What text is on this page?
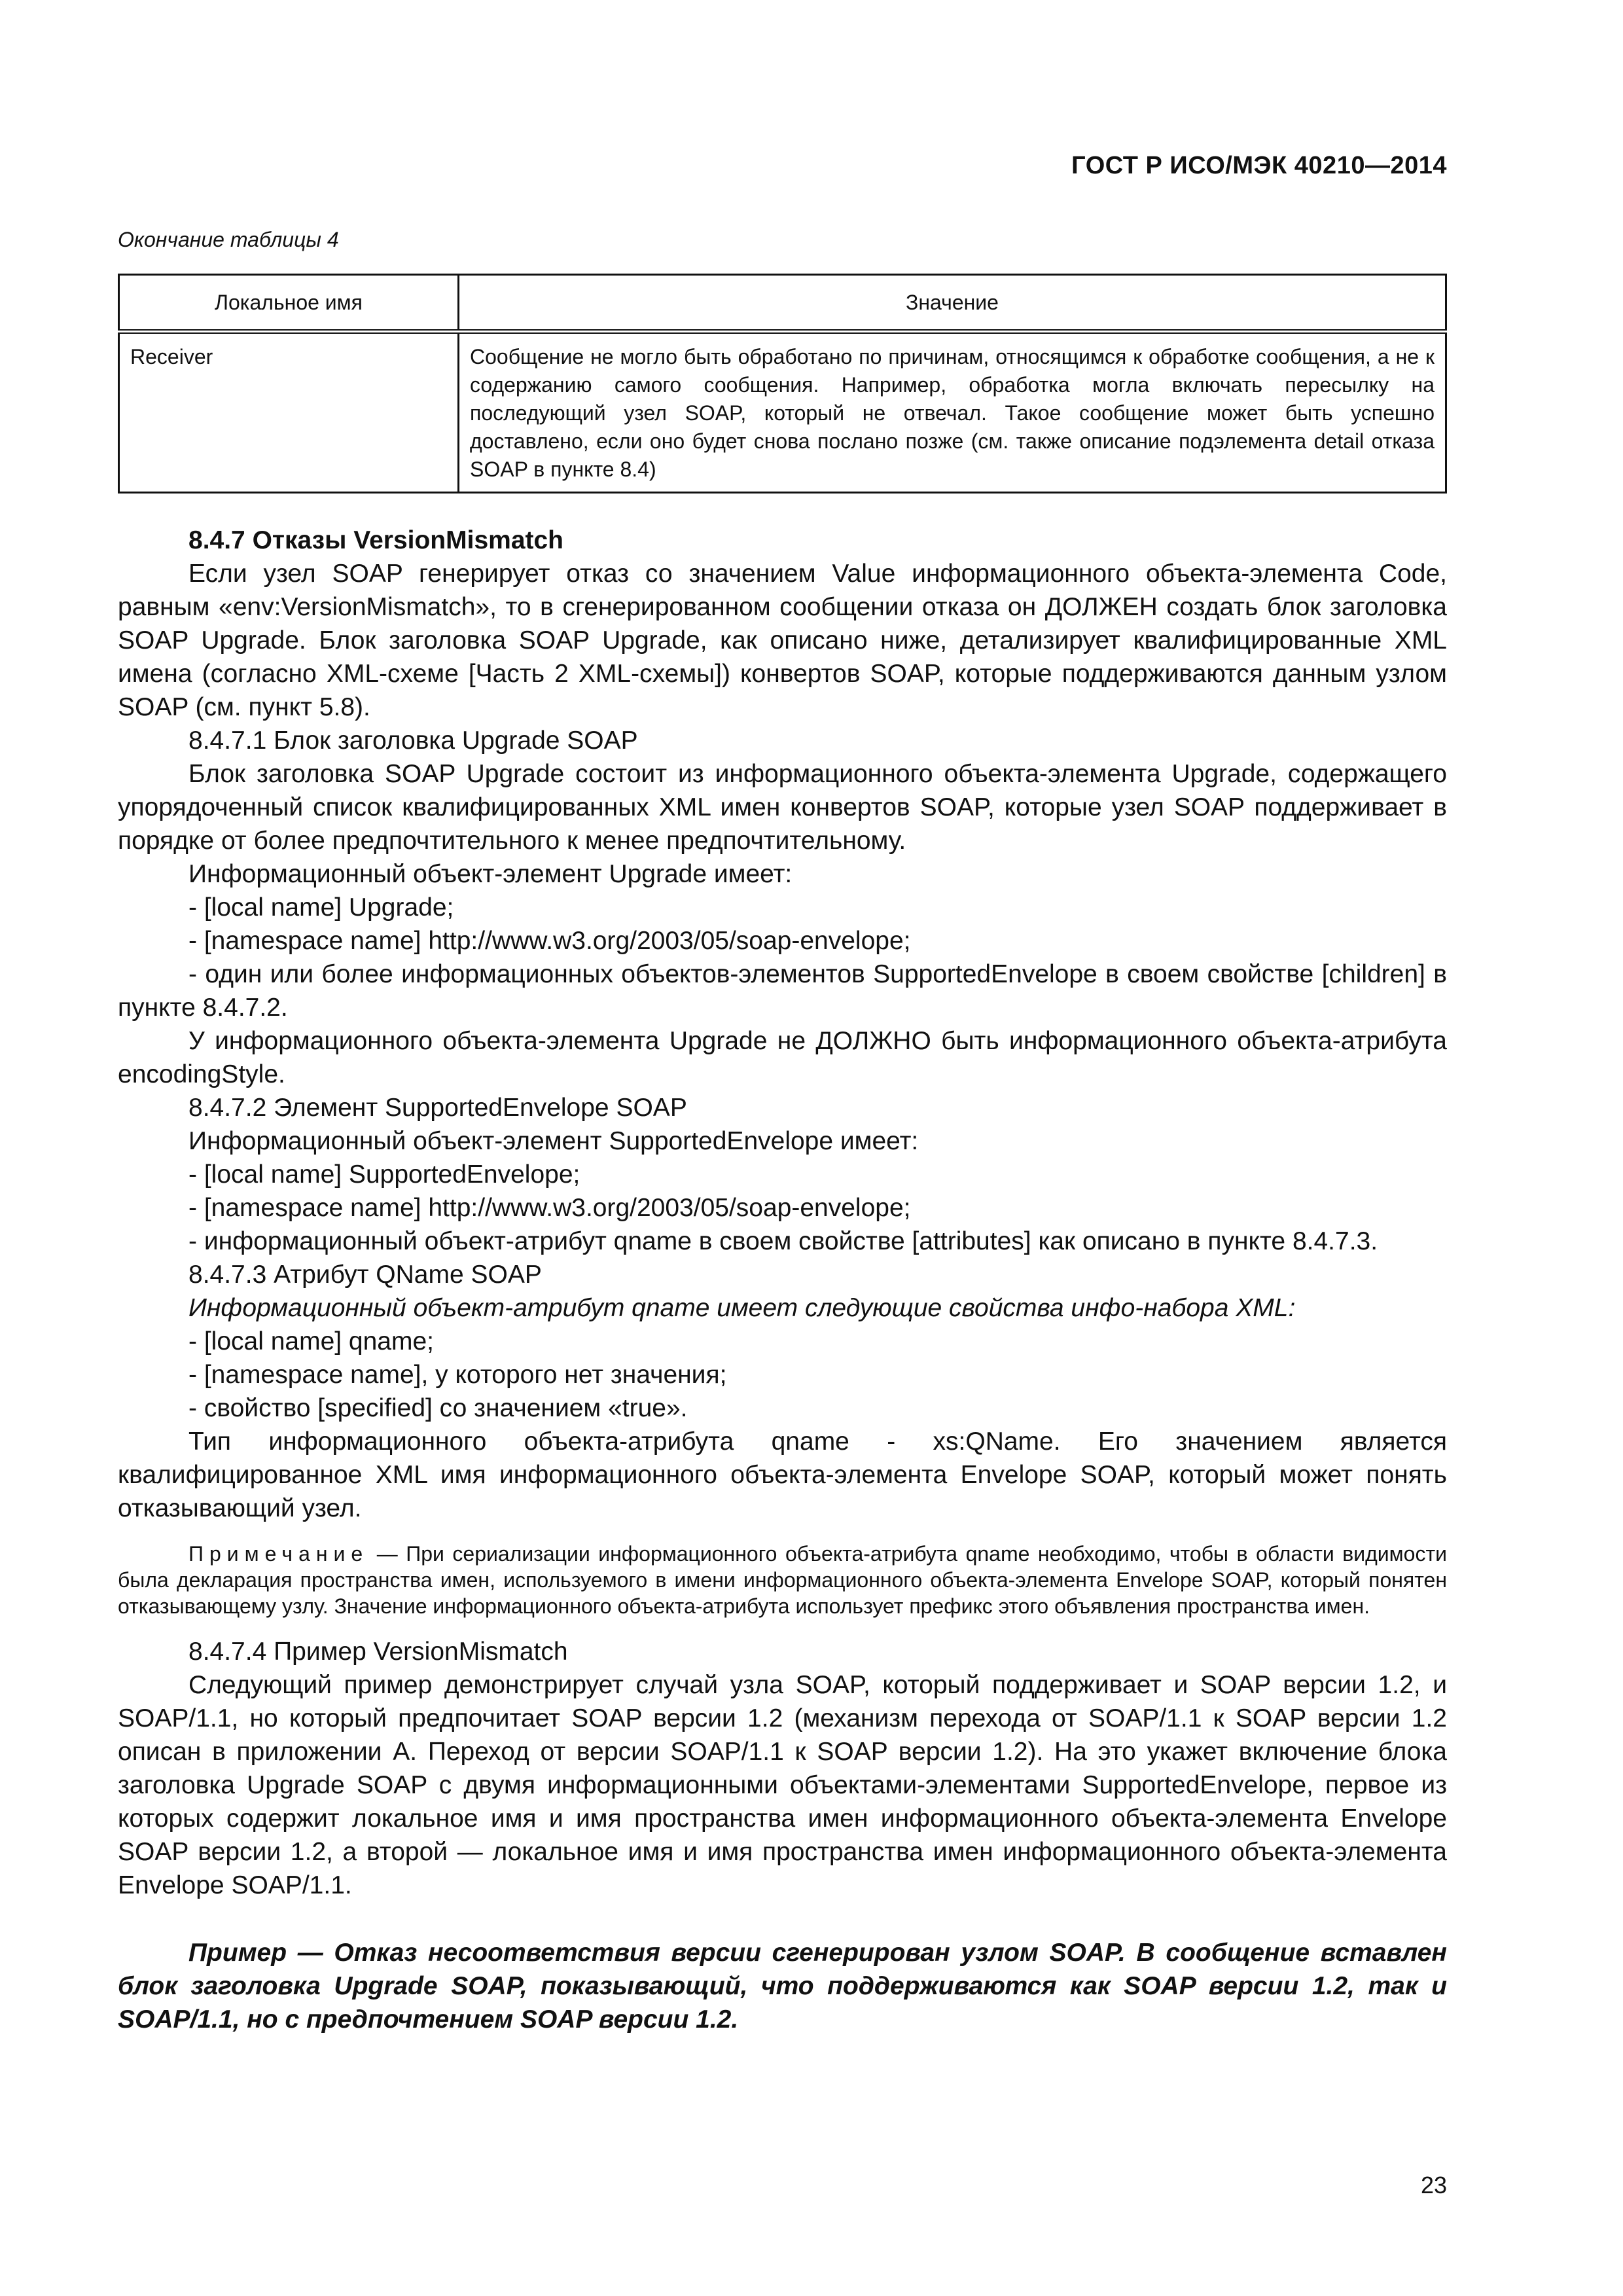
ГОСТ Р ИСО/МЭК 40210—2014
Окончание таблицы 4
Локальное имя	Значение
Receiver	Сообщение не могло быть обработано по причинам, относящимся к обработке сообщения, а не к содержанию самого сообщения. Например, обработка могла включать пересылку на последующий узел SOAP, который не отвечал. Такое сообщение может быть успешно доставлено, если оно будет снова послано позже (см. также описание подэлемента detail отказа SOAP в пункте 8.4)

8.4.7 Отказы VersionMismatch

Если узел SOAP генерирует отказ со значением Value информационного объекта-элемента Code, равным «env:VersionMismatch», то в сгенерированном сообщении отказа он ДОЛЖЕН создать блок заголовка SOAP Upgrade. Блок заголовка SOAP Upgrade, как описано ниже, детализирует квалифицированные XML имена (согласно XML-схеме [Часть 2 XML-схемы]) конвертов SOAP, которые поддерживаются данным узлом SOAP (см. пункт 5.8).

8.4.7.1 Блок заголовка Upgrade SOAP

Блок заголовка SOAP Upgrade состоит из информационного объекта-элемента Upgrade, содержащего упорядоченный список квалифицированных XML имен конвертов SOAP, которые узел SOAP поддерживает в порядке от более предпочтительного к менее предпочтительному.

Информационный объект-элемент Upgrade имеет:

- [local name] Upgrade;

- [namespace name] http://www.w3.org/2003/05/soap-envelope;

- один или более информационных объектов-элементов SupportedEnvelope в своем свойстве [children] в пункте 8.4.7.2.

У информационного объекта-элемента Upgrade не ДОЛЖНО быть информационного объекта-атрибута encodingStyle.

8.4.7.2 Элемент SupportedEnvelope SOAP

Информационный объект-элемент SupportedEnvelope имеет:

- [local name] SupportedEnvelope;

- [namespace name] http://www.w3.org/2003/05/soap-envelope;

- информационный объект-атрибут qname в своем свойстве [attributes] как описано в пункте 8.4.7.3.

8.4.7.3 Атрибут QName SOAP

Информационный объект-атрибут qname имеет следующие свойства инфо-набора XML:

- [local name] qname;

- [namespace name], у которого нет значения;

- свойство [specified] со значением «true».

Тип информационного объекта-атрибута qname - xs:QName. Его значением является квалифицированное XML имя информационного объекта-элемента Envelope SOAP, который может понять отказывающий узел.

Примечание — При сериализации информационного объекта-атрибута qname необходимо, чтобы в области видимости была декларация пространства имен, используемого в имени информационного объекта-элемента Envelope SOAP, который понятен отказывающему узлу. Значение информационного объекта-атрибута использует префикс этого объявления пространства имен.

8.4.7.4 Пример VersionMismatch

Следующий пример демонстрирует случай узла SOAP, который поддерживает и SOAP версии 1.2, и SOAP/1.1, но который предпочитает SOAP версии 1.2 (механизм перехода от SOAP/1.1 к SOAP версии 1.2 описан в приложении А. Переход от версии SOAP/1.1 к SOAP версии 1.2). На это укажет включение блока заголовка Upgrade SOAP с двумя информационными объектами-элементами SupportedEnvelope, первое из которых содержит локальное имя и имя пространства имен информационного объекта-элемента Envelope SOAP версии 1.2, а второй — локальное имя и имя пространства имен информационного объекта-элемента Envelope SOAP/1.1.

Пример — Отказ несоответствия версии сгенерирован узлом SOAP. В сообщение вставлен блок заголовка Upgrade SOAP, показывающий, что поддерживаются как SOAP версии 1.2, так и SOAP/1.1, но с предпочтением SOAP версии 1.2.

23
